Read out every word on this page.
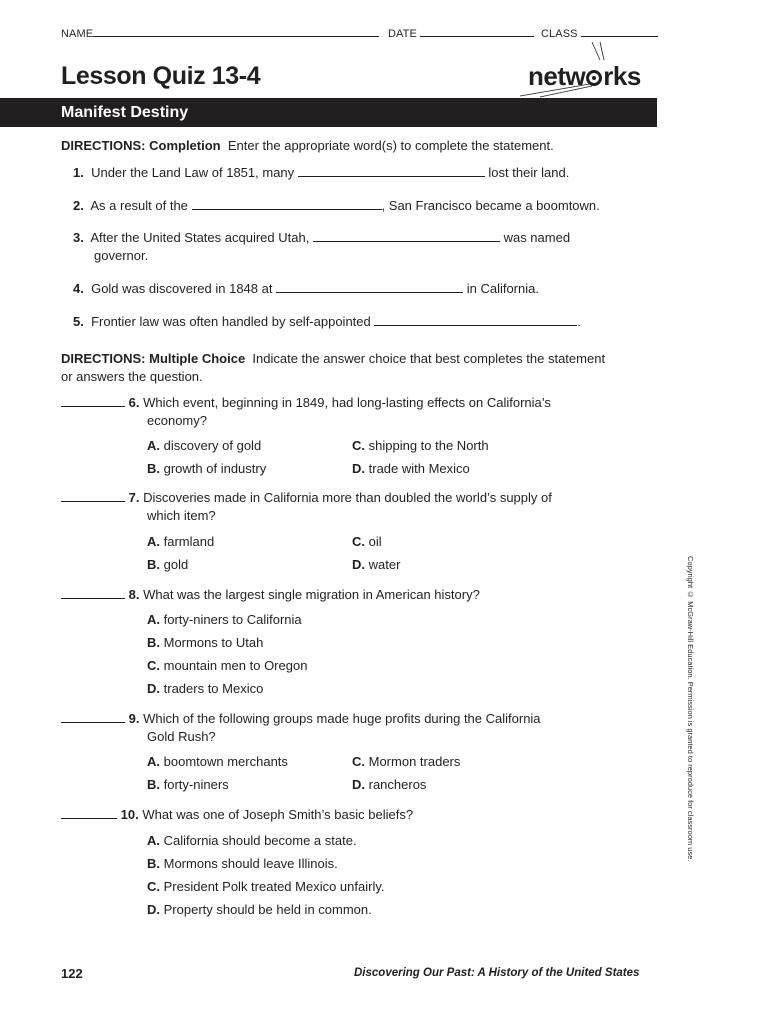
NAME	DATE	CLASS
Lesson Quiz 13-4	netw rks
Manifest Destiny
DIRECTIONS: Completion Enter the appropriate word(s) to complete the statement.
1. Under the Land Law of 1851, many	lost their land.
2. As a result of the	, San Francisco became a boomtown.
3. After the United States acquired Utah,	was named
governor.
4. Gold was discovered in 1848 at	in California.
5. Frontier law was often handled by self-appointed	.
DIRECTIONS: Multiple Choice Indicate the answer choice that best completes the statement
or answers the question.
6. Which event, beginning in 1849, had long-lasting effects on California’s
economy?
A. discovery of gold
B. growth of industry
C. shipping to the North
D. trade with Mexico
7. Discoveries made in California more than doubled the world’s supply of
which item?
A. farmland
B. gold
C. oil
D. water
8. What was the largest single migration in American history?
A. forty-niners to California
B. Mormons to Utah
C. mountain men to Oregon
D. traders to Mexico
9. Which of the following groups made huge profits during the California
Gold Rush?
A. boomtown merchants
B. forty-niners
C. Mormon traders
D. rancheros
10. What was one of Joseph Smith’s basic beliefs?
A. California should become a state.
B. Mormons should leave Illinois.
C. President Polk treated Mexico unfairly.
D. Property should be held in common.
Copyright © McGraw-Hill Education. Permission is granted to reproduce for classroom use.
122	Discovering Our Past: A History of the United States
